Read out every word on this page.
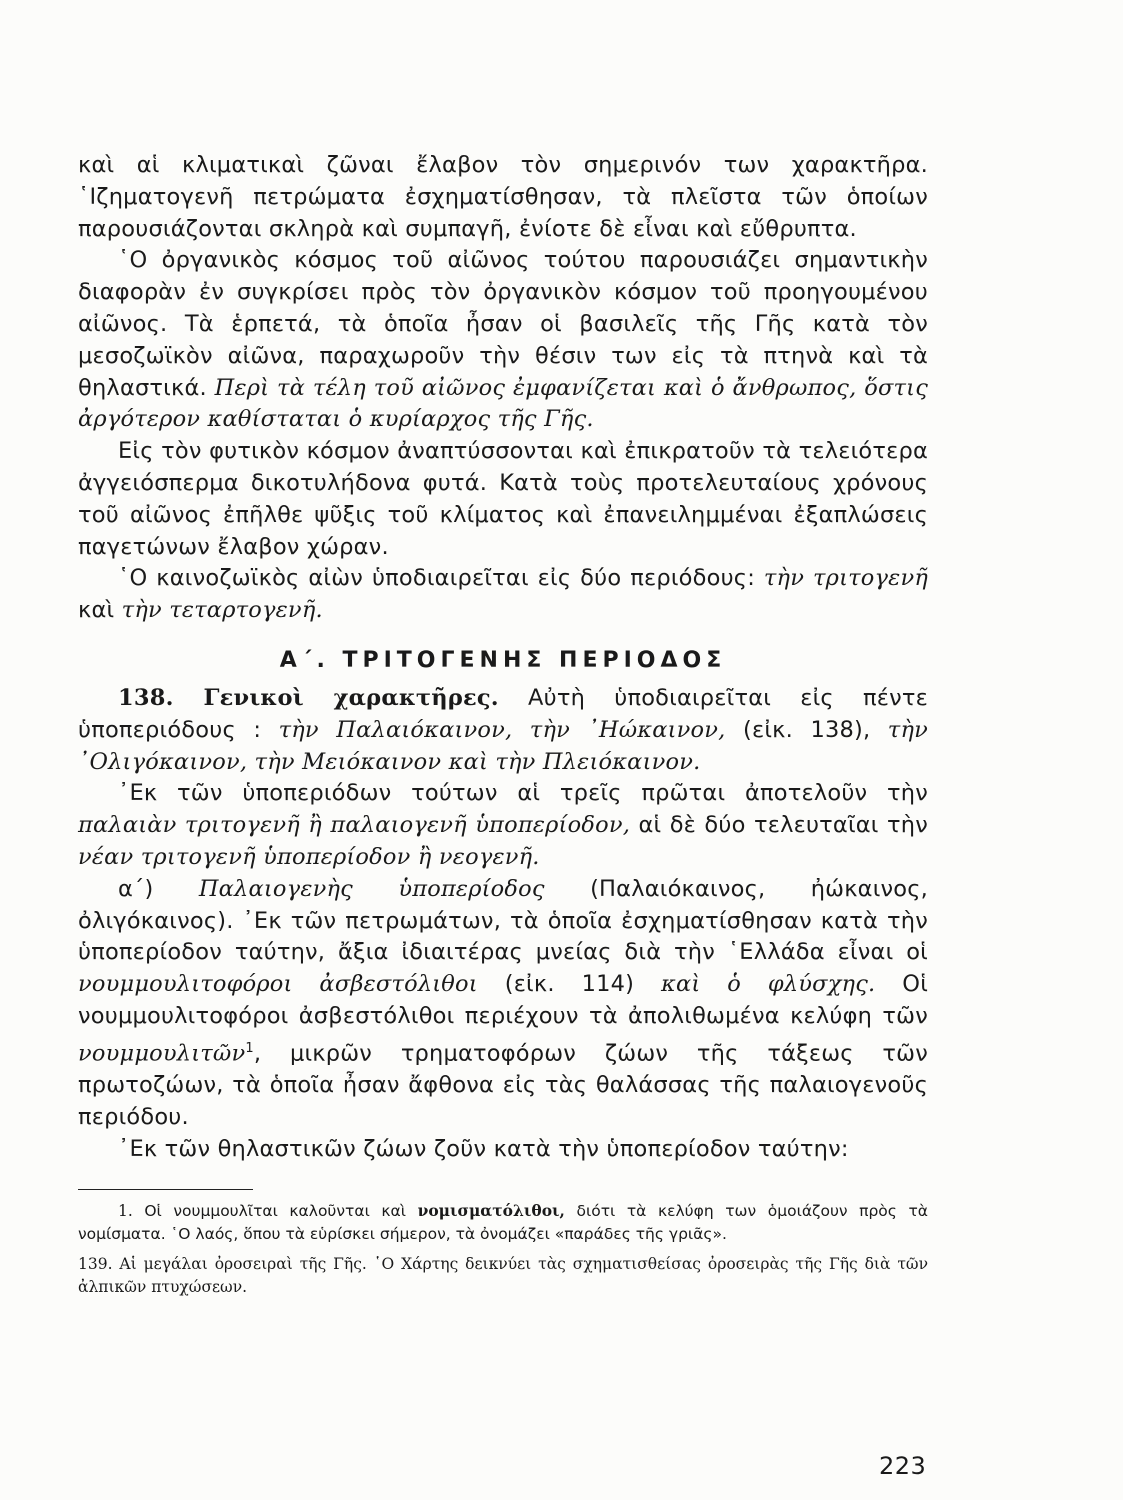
καὶ αἱ κλιματικαὶ ζῶναι ἔλαβον τὸν σημερινόν των χαρακτῆρα. ῾Ιζηματογενῆ πετρώματα ἐσχηματίσθησαν, τὰ πλεῖστα τῶν ὁποίων παρουσιάζονται σκληρὰ καὶ συμπαγῆ, ἐνίοτε δὲ εἶναι καὶ εὔθρυπτα.

῾Ο ὀργανικὸς κόσμος τοῦ αἰῶνος τούτου παρουσιάζει σημαντικὴν διαφορὰν ἐν συγκρίσει πρὸς τὸν ὀργανικὸν κόσμον τοῦ προηγουμένου αἰῶνος. Τὰ ἑρπετά, τὰ ὁποῖα ἦσαν οἱ βασιλεῖς τῆς Γῆς κατὰ τὸν μεσοζωϊκὸν αἰῶνα, παραχωροῦν τὴν θέσιν των εἰς τὰ πτηνὰ καὶ τὰ θηλαστικά. Περὶ τὰ τέλη τοῦ αἰῶνος ἐμφανίζεται καὶ ὁ ἄνθρωπος, ὅστις ἀργότερον καθίσταται ὁ κυρίαρχος τῆς Γῆς.

Εἰς τὸν φυτικὸν κόσμον ἀναπτύσσονται καὶ ἐπικρατοῦν τὰ τελειότερα ἀγγειόσπερμα δικοτυλήδονα φυτά. Κατὰ τοὺς προτελευταίους χρόνους τοῦ αἰῶνος ἐπῆλθε ψῦξις τοῦ κλίματος καὶ ἐπανειλημμέναι ἐξαπλώσεις παγετώνων ἔλαβον χώραν.

῾Ο καινοζωϊκὸς αἰὼν ὑποδιαιρεῖται εἰς δύο περιόδους: τὴν τριτογενῆ καὶ τὴν τεταρτογενῆ.

Α΄. ΤΡΙΤΟΓΕΝΗΣ ΠΕΡΙΟΔΟΣ

138. Γενικοὶ χαρακτῆρες. Αὐτὴ ὑποδιαιρεῖται εἰς πέντε ὑποπεριόδους : τὴν Παλαιόκαινον, τὴν ᾿Ηώκαινον, (εἰκ. 138), τὴν ᾿Ολιγόκαινον, τὴν Μειόκαινον καὶ τὴν Πλειόκαινον.

᾿Εκ τῶν ὑποπεριόδων τούτων αἱ τρεῖς πρῶται ἀποτελοῦν τὴν παλαιὰν τριτογενῆ ἢ παλαιογενῆ ὑποπερίοδον, αἱ δὲ δύο τελευταῖαι τὴν νέαν τριτογενῆ ὑποπερίοδον ἢ νεογενῆ.

α΄) Παλαιογενὴς ὑποπερίοδος (Παλαιόκαινος, ἠώκαινος, ὀλιγόκαινος). ᾿Εκ τῶν πετρωμάτων, τὰ ὁποῖα ἐσχηματίσθησαν κατὰ τὴν ὑποπερίοδον ταύτην, ἄξια ἰδιαιτέρας μνείας διὰ τὴν ῾Ελλάδα εἶναι οἱ νουμμουλιτοφόροι ἀσβεστόλιθοι (εἰκ. 114) καὶ ὁ φλύσχης. Οἱ νουμμουλιτοφόροι ἀσβεστόλιθοι περιέχουν τὰ ἀπολιθωμένα κελύφη τῶν νουμμουλιτῶν$^1$, μικρῶν τρηματοφόρων ζώων τῆς τάξεως τῶν πρωτοζώων, τὰ ὁποῖα ἦσαν ἄφθονα εἰς τὰς θαλάσσας τῆς παλαιογενοῦς περιόδου.

᾿Εκ τῶν θηλαστικῶν ζώων ζοῦν κατὰ τὴν ὑποπερίοδον ταύτην:

1. Οἱ νουμμουλῖται καλοῦνται καὶ νομισματόλιθοι, διότι τὰ κελύφη των ὁμοιάζουν πρὸς τὰ νομίσματα. ῾Ο λαός, ὅπου τὰ εὑρίσκει σήμερον, τὰ ὀνομάζει «παράδες τῆς γριᾶς».

139. Αἱ μεγάλαι ὀροσειραὶ τῆς Γῆς. ῾Ο Χάρτης δεικνύει τὰς σχηματισθείσας ὀροσειρὰς τῆς Γῆς διὰ τῶν ἀλπικῶν πτυχώσεων.

223
